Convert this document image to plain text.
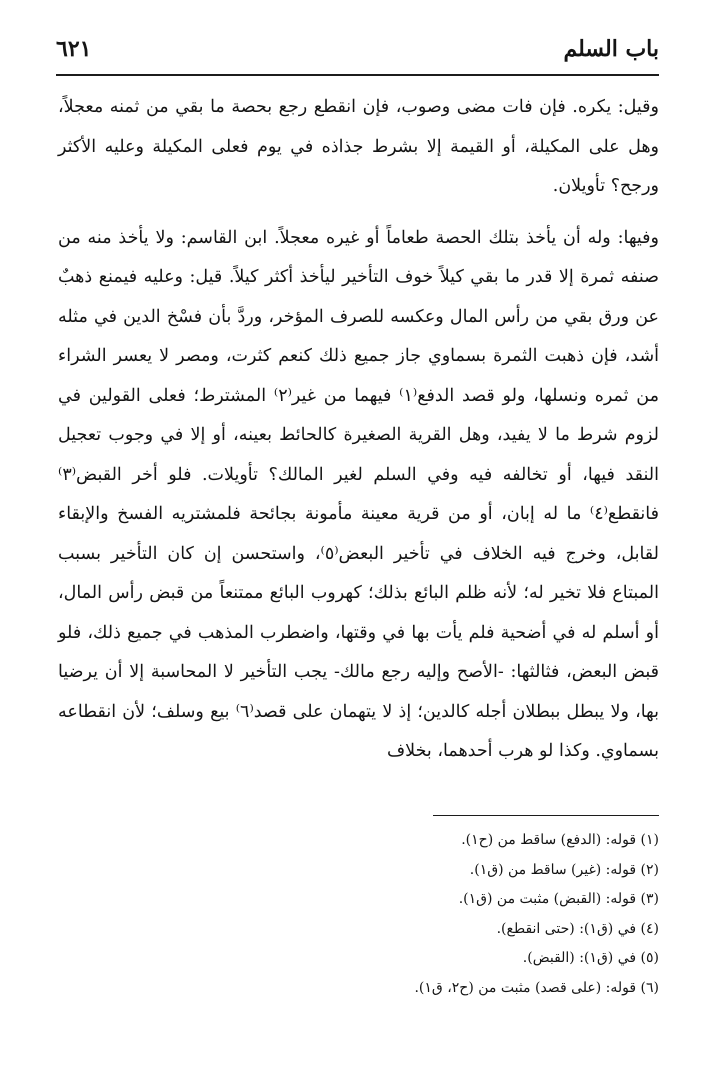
باب السلم
٦٢١

وقيل: يكره. فإن فات مضى وصوب، فإن انقطع رجع بحصة ما بقي من ثمنه معجلاً، وهل على المكيلة، أو القيمة إلا بشرط جذاذه في يوم فعلى المكيلة وعليه الأكثر ورجح؟ تأويلان.

وفيها: وله أن يأخذ بتلك الحصة طعاماً أو غيره معجلاً. ابن القاسم: ولا يأخذ منه من صنفه ثمرة إلا قدر ما بقي كيلاً خوف التأخير ليأخذ أكثر كيلاً. قيل: وعليه فيمنع ذهبٌ عن ورق بقي من رأس المال وعكسه للصرف المؤخر، وردَّ بأن فسْخ الدين في مثله أشد، فإن ذهبت الثمرة بسماوي جاز جميع ذلك كنعم كثرت، ومصر لا يعسر الشراء من ثمره ونسلها، ولو قصد الدفع⁽١⁾ فيهما من غير⁽٢⁾ المشترط؛ فعلى القولين في لزوم شرط ما لا يفيد، وهل القرية الصغيرة كالحائط بعينه، أو إلا في وجوب تعجيل النقد فيها، أو تخالفه فيه وفي السلم لغير المالك؟ تأويلات. فلو أخر القبض⁽٣⁾ فانقطع⁽٤⁾ ما له إبان، أو من قرية معينة مأمونة بجائحة فلمشتريه الفسخ والإبقاء لقابل، وخرج فيه الخلاف في تأخير البعض⁽٥⁾، واستحسن إن كان التأخير بسبب المبتاع فلا تخير له؛ لأنه ظلم البائع بذلك؛ كهروب البائع ممتنعاً من قبض رأس المال، أو أسلم له في أضحية فلم يأت بها في وقتها، واضطرب المذهب في جميع ذلك، فلو قبض البعض، فثالثها: -الأصح وإليه رجع مالك- يجب التأخير لا المحاسبة إلا أن يرضيا بها، ولا يبطل ببطلان أجله كالدين؛ إذ لا يتهمان على قصد⁽٦⁾ بيع وسلف؛ لأن انقطاعه بسماوي. وكذا لو هرب أحدهما، بخلاف

(١) قوله: (الدفع) ساقط من (ح١).
(٢) قوله: (غير) ساقط من (ق١).
(٣) قوله: (القبض) مثبت من (ق١).
(٤) في (ق١): (حتى انقطع).
(٥) في (ق١): (القبض).
(٦) قوله: (على قصد) مثبت من (ح٢، ق١).
